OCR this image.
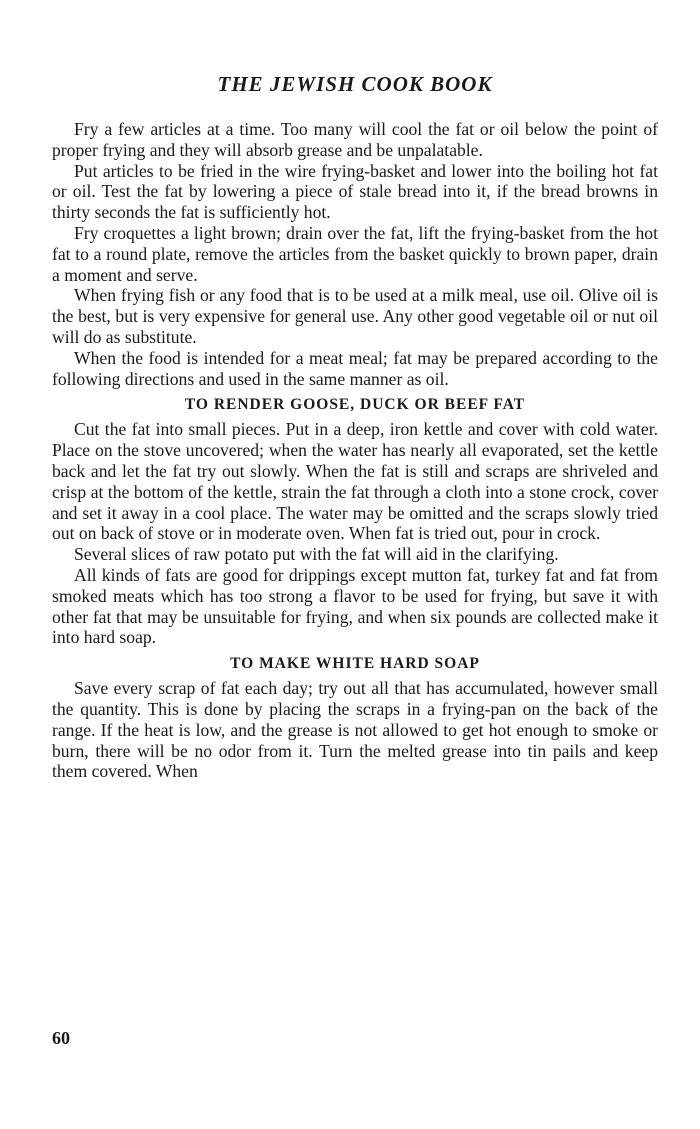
THE JEWISH COOK BOOK

Fry a few articles at a time. Too many will cool the fat or oil below the point of proper frying and they will absorb grease and be unpalatable.

Put articles to be fried in the wire frying-basket and lower into the boiling hot fat or oil. Test the fat by lowering a piece of stale bread into it, if the bread browns in thirty seconds the fat is sufficiently hot.

Fry croquettes a light brown; drain over the fat, lift the frying-basket from the hot fat to a round plate, remove the articles from the basket quickly to brown paper, drain a moment and serve.

When frying fish or any food that is to be used at a milk meal, use oil. Olive oil is the best, but is very expensive for general use. Any other good vegetable oil or nut oil will do as substitute.

When the food is intended for a meat meal; fat may be prepared according to the following directions and used in the same manner as oil.

TO RENDER GOOSE, DUCK OR BEEF FAT

Cut the fat into small pieces. Put in a deep, iron kettle and cover with cold water. Place on the stove uncovered; when the water has nearly all evaporated, set the kettle back and let the fat try out slowly. When the fat is still and scraps are shriveled and crisp at the bottom of the kettle, strain the fat through a cloth into a stone crock, cover and set it away in a cool place. The water may be omitted and the scraps slowly tried out on back of stove or in moderate oven. When fat is tried out, pour in crock.

Several slices of raw potato put with the fat will aid in the clarifying.

All kinds of fats are good for drippings except mutton fat, turkey fat and fat from smoked meats which has too strong a flavor to be used for frying, but save it with other fat that may be unsuitable for frying, and when six pounds are collected make it into hard soap.

TO MAKE WHITE HARD SOAP

Save every scrap of fat each day; try out all that has accumulated, however small the quantity. This is done by placing the scraps in a frying-pan on the back of the range. If the heat is low, and the grease is not allowed to get hot enough to smoke or burn, there will be no odor from it. Turn the melted grease into tin pails and keep them covered. When

60
